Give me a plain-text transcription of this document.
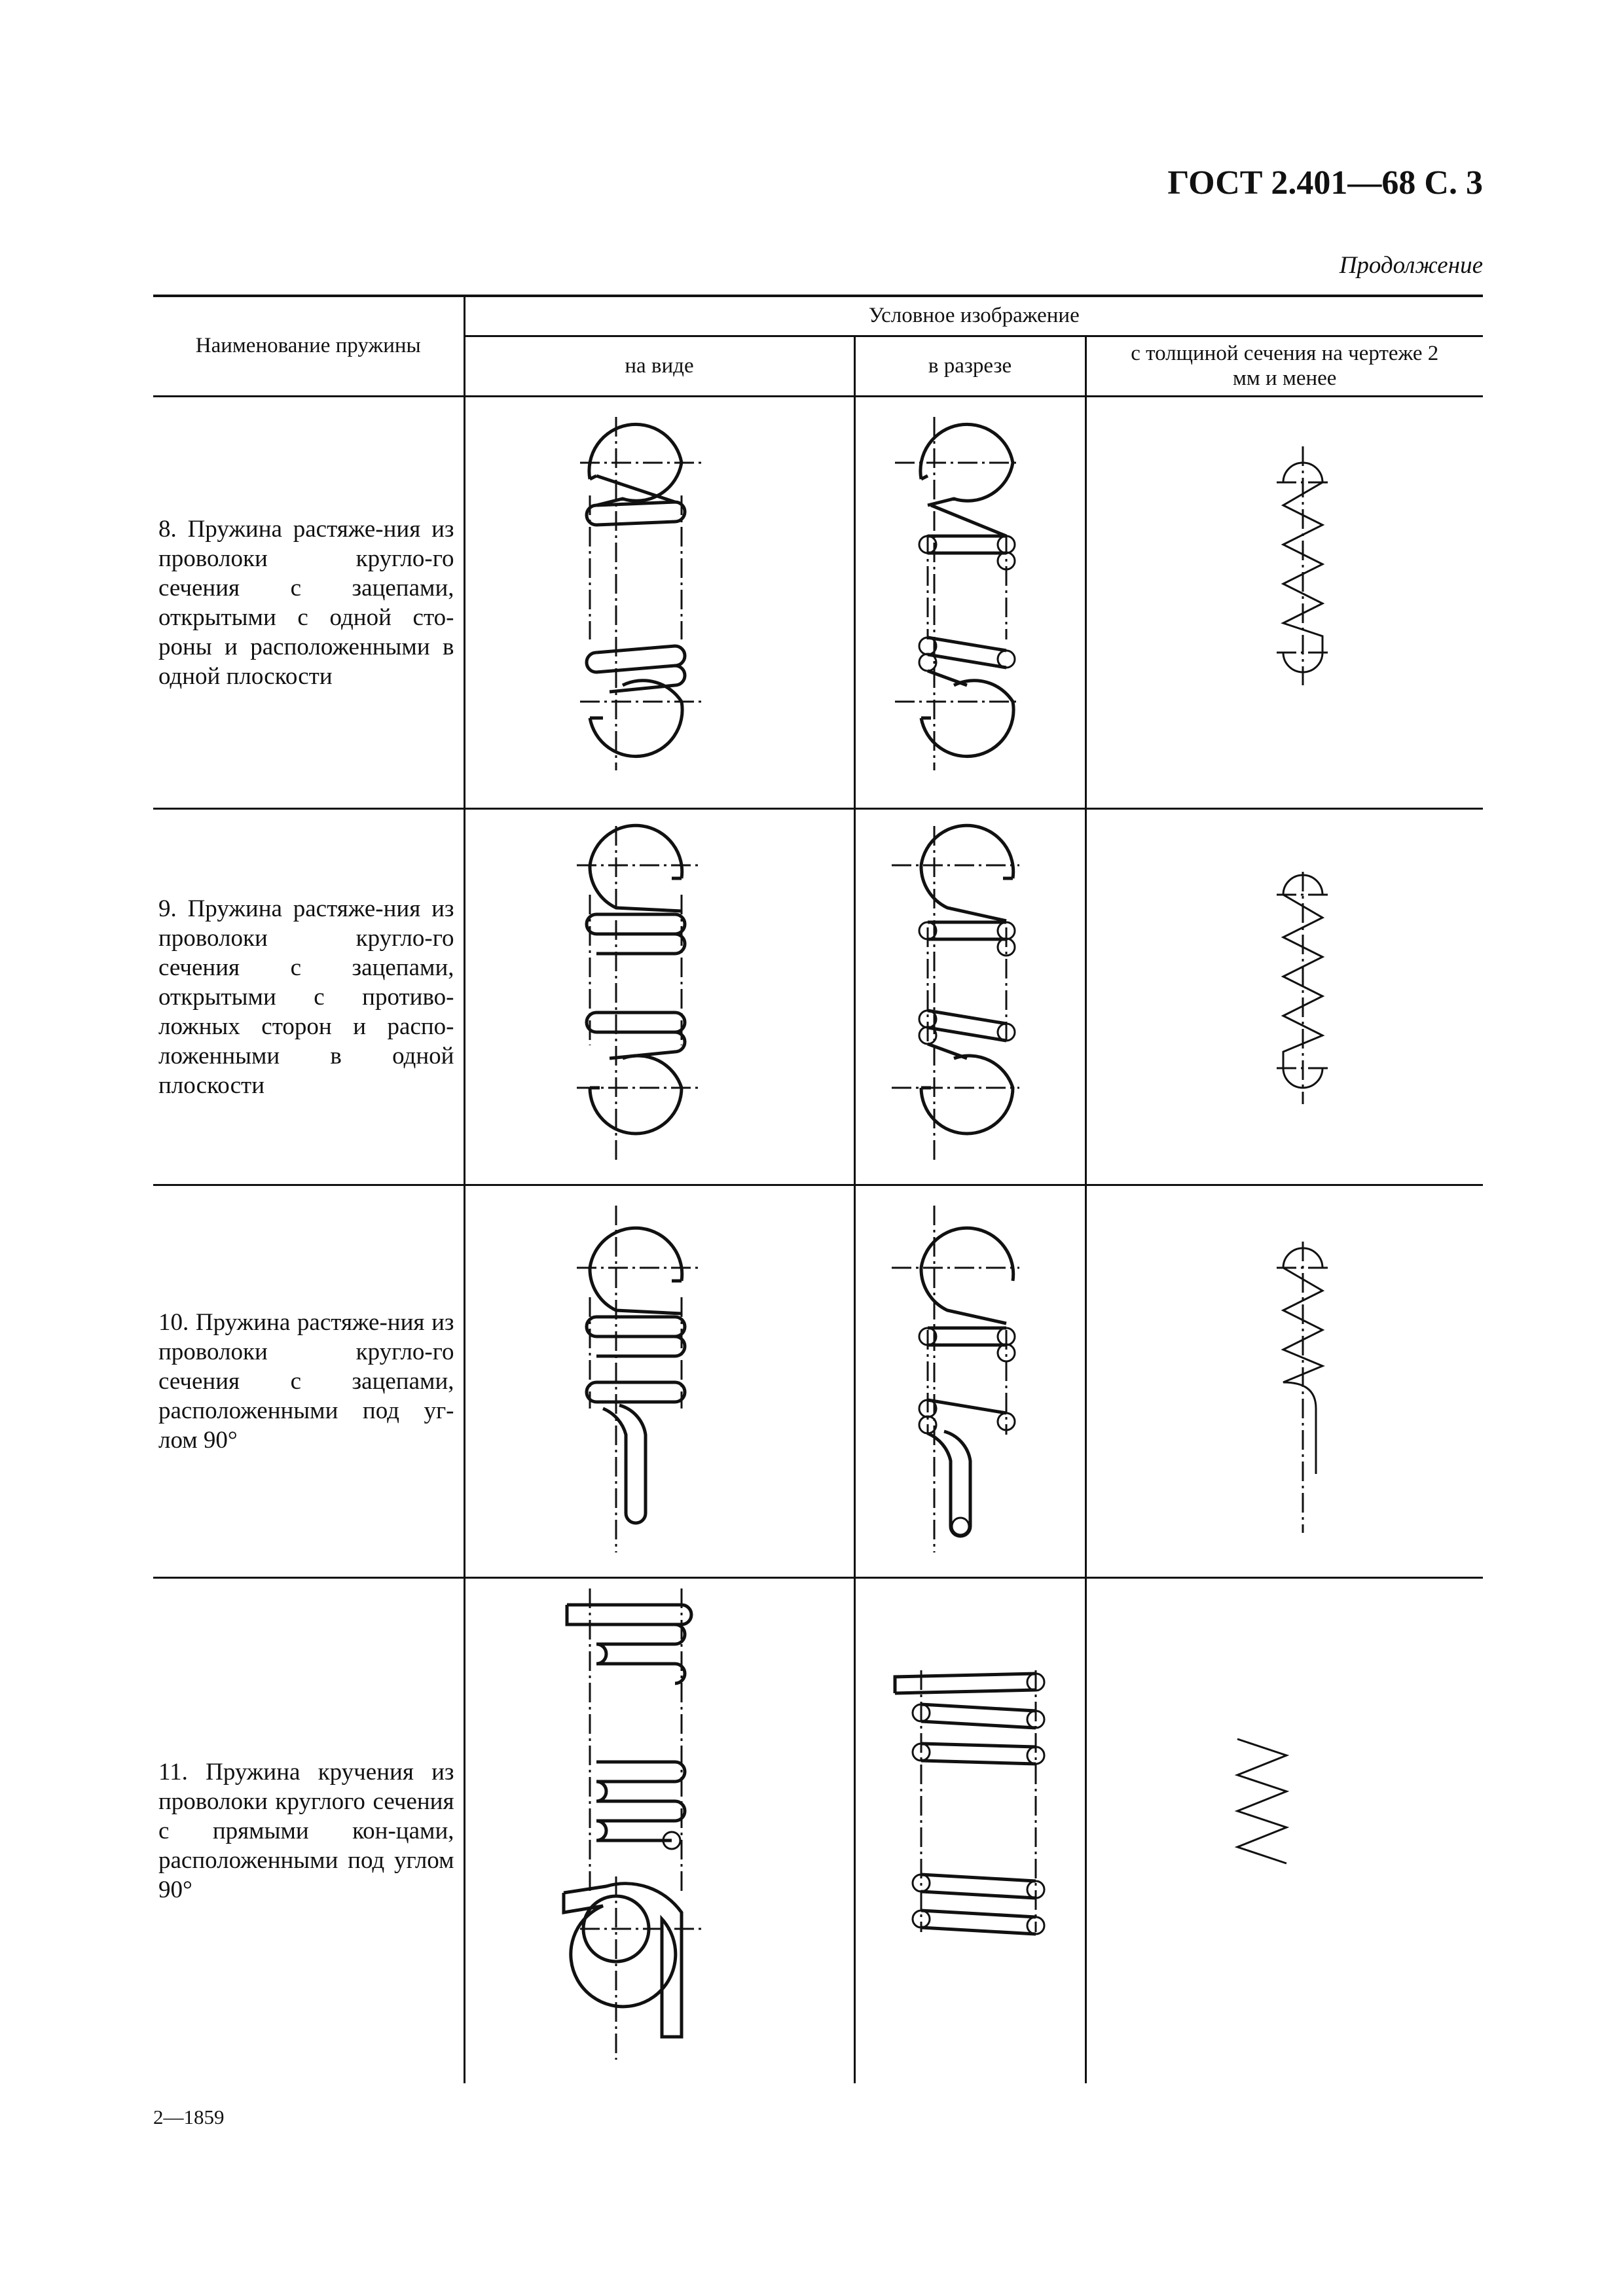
ГОСТ 2.401—68 С. 3
Продолжение
Наименование пружины	Условное изображение		
	на виде	в разрезе	с толщиной сечения на чертеже 2 мм и менее

8. Пружина растяже-ния из проволоки кругло-го сечения с зацепами, открытыми с одной сто-роны и расположенными в одной плоскости

9. Пружина растяже-ния из проволоки кругло-го сечения с зацепами, открытыми с противо-ложных сторон и распо-ложенными в одной плоскости

10. Пружина растяже-ния из проволоки кругло-го сечения с зацепами, расположенными под уг-лом 90°

11. Пружина кручения из проволоки круглого сечения с прямыми кон-цами, расположенными под углом 90°

2—1859
